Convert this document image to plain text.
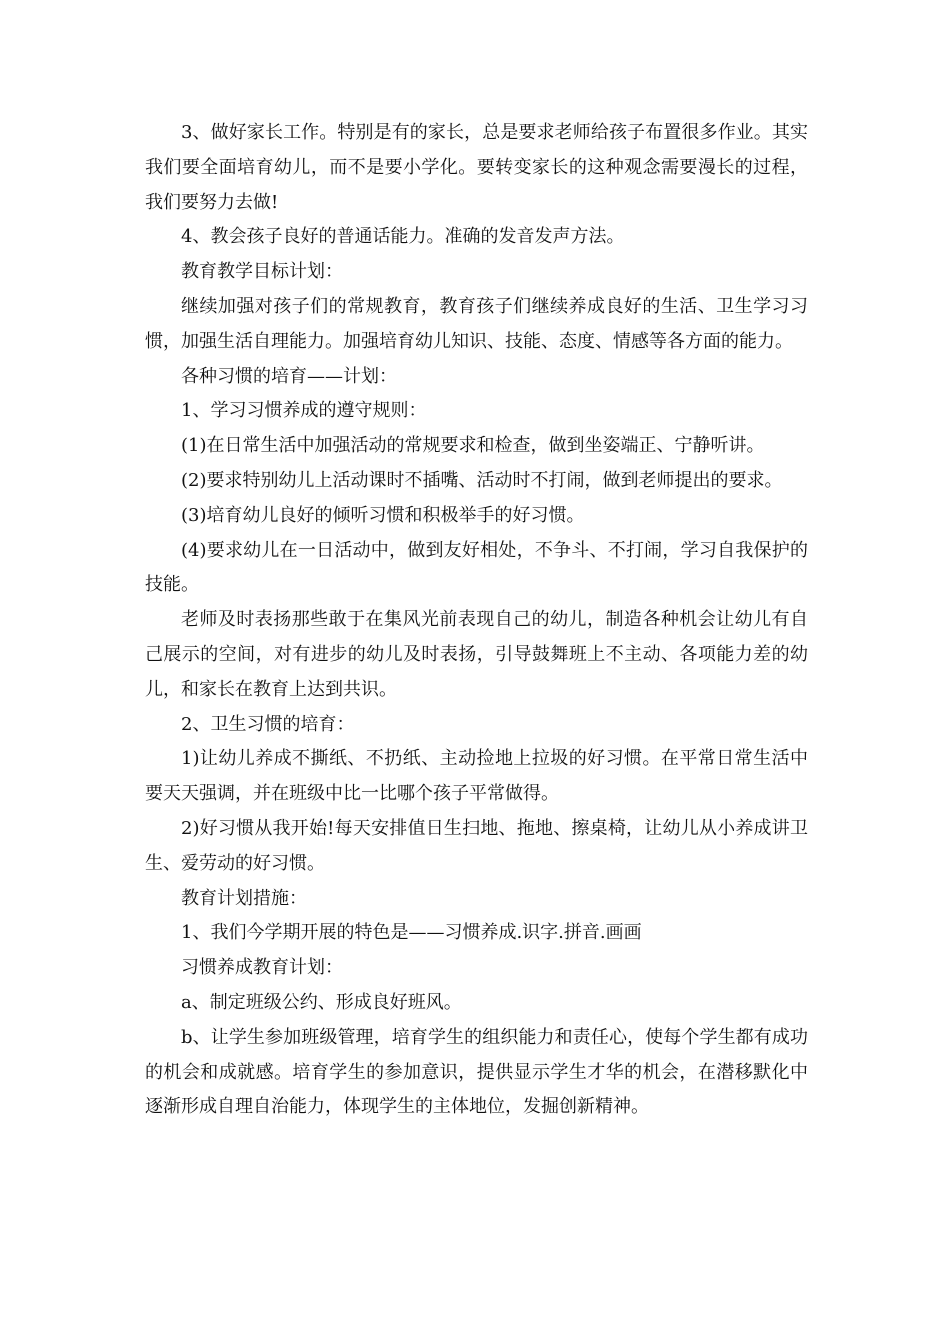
3、做好家长工作。特别是有的家长，总是要求老师给孩子布置很多作业。其实我们要全面培育幼儿，而不是要小学化。要转变家长的这种观念需要漫长的过程，我们要努力去做!

4、教会孩子良好的普通话能力。准确的发音发声方法。

教育教学目标计划：

继续加强对孩子们的常规教育，教育孩子们继续养成良好的生活、卫生学习习惯，加强生活自理能力。加强培育幼儿知识、技能、态度、情感等各方面的能力。

各种习惯的培育——计划：

1、学习习惯养成的遵守规则：

(1)在日常生活中加强活动的常规要求和检查，做到坐姿端正、宁静听讲。

(2)要求特别幼儿上活动课时不插嘴、活动时不打闹，做到老师提出的要求。

(3)培育幼儿良好的倾听习惯和积极举手的好习惯。

(4)要求幼儿在一日活动中，做到友好相处，不争斗、不打闹，学习自我保护的技能。

老师及时表扬那些敢于在集风光前表现自己的幼儿，制造各种机会让幼儿有自己展示的空间，对有进步的幼儿及时表扬，引导鼓舞班上不主动、各项能力差的幼儿，和家长在教育上达到共识。

2、卫生习惯的培育：

1)让幼儿养成不撕纸、不扔纸、主动捡地上拉圾的好习惯。在平常日常生活中要天天强调，并在班级中比一比哪个孩子平常做得。

2)好习惯从我开始!每天安排值日生扫地、拖地、擦桌椅，让幼儿从小养成讲卫生、爱劳动的好习惯。

教育计划措施：

1、我们今学期开展的特色是——习惯养成.识字.拼音.画画

习惯养成教育计划：

a、制定班级公约、形成良好班风。

b、让学生参加班级管理，培育学生的组织能力和责任心，使每个学生都有成功的机会和成就感。培育学生的参加意识，提供显示学生才华的机会，在潜移默化中逐渐形成自理自治能力，体现学生的主体地位，发掘创新精神。
